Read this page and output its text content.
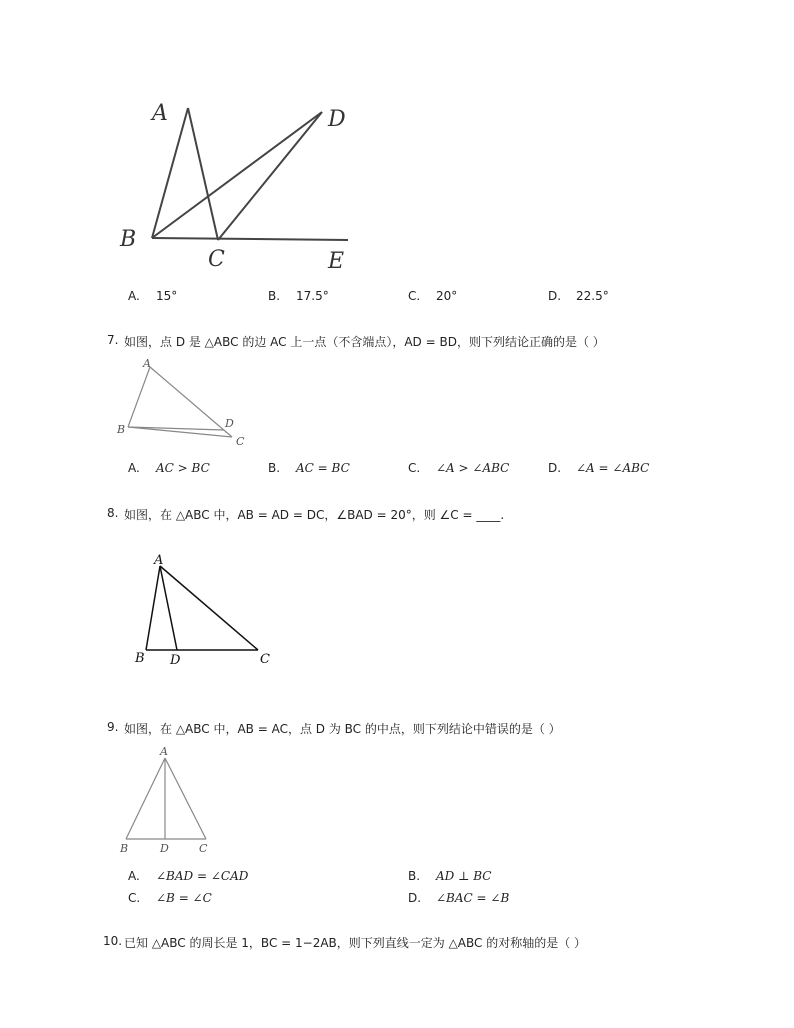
A	D
B
C	E
A. 15°	B. 17.5°	C. 20°	D. 22.5°
7. 如图，点 D 是 △ABC 的边 AC 上一点（不含端点），AD = BD，则下列结论正确的是（ ）
A
B	D
C
A. AC > BC	B. AC = BC	C. ∠A > ∠ABC	D. ∠A = ∠ABC
8. 如图，在 △ABC 中，AB = AD = DC，∠BAD = 20°，则 ∠C = ____.
A
B D	C
9. 如图，在 △ABC 中，AB = AC，点 D 为 BC 的中点，则下列结论中错误的是（ ）
A
B	D	C
A. ∠BAD = ∠CAD	B. AD ⊥ BC
C. ∠B = ∠C	D. ∠BAC = ∠B
10. 已知 △ABC 的周长是 1，BC = 1−2AB，则下列直线一定为 △ABC 的对称轴的是（ ）
